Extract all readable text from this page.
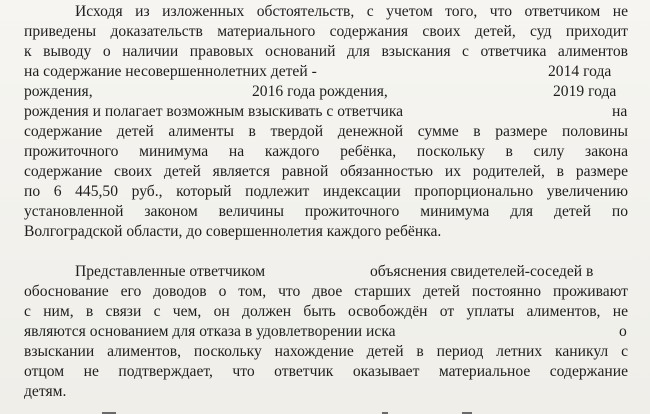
Исходя из изложенных обстоятельств, с учетом того, что ответчиком не
приведены доказательств материального содержания своих детей, суд приходит
к выводу о наличии правовых оснований для взыскания с ответчика алиментов
на содержание несовершеннолетних детей -	2014 года
рождения,	2016 года рождения,	2019 года
рождения и полагает возможным взыскивать с ответчика	на
содержание детей алименты в твердой денежной сумме в размере половины
прожиточного минимума на каждого ребёнка, поскольку в силу закона
содержание своих детей является равной обязанностью их родителей, в размере
по 6 445,50 руб., который подлежит индексации пропорционально увеличению
установленной законом величины прожиточного минимума для детей по
Волгоградской области, до совершеннолетия каждого ребёнка.
Представленные ответчиком	объяснения свидетелей-соседей в
обоснование его доводов о том, что двое старших детей постоянно проживают
с ним, в связи с чем, он должен быть освобождён от уплаты алиментов, не
являются основанием для отказа в удовлетворении иска	о
взыскании алиментов, поскольку нахождение детей в период летних каникул с
отцом не подтверждает, что ответчик оказывает материальное содержание
детям.
